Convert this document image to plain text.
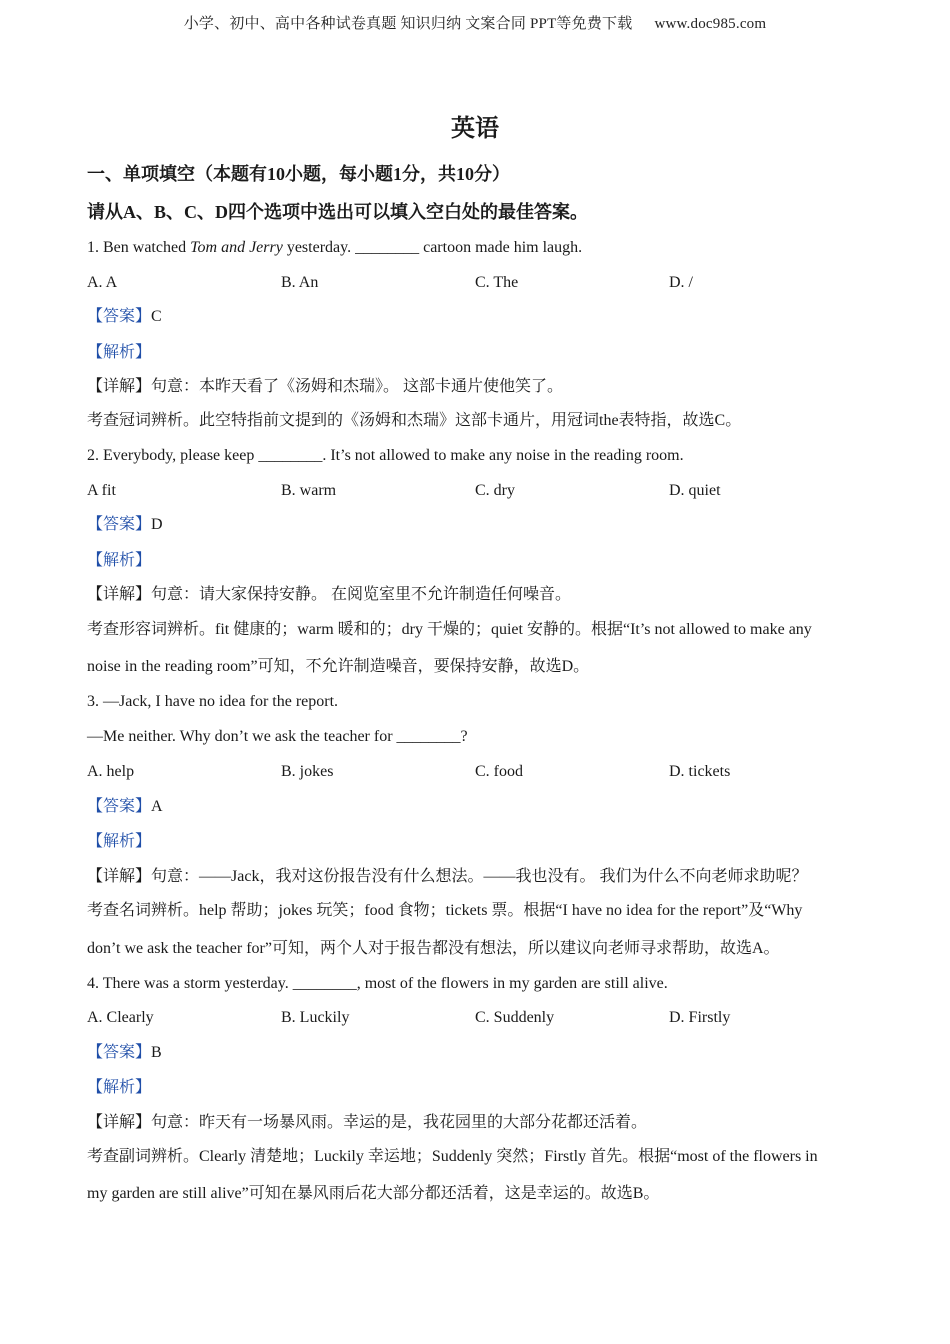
小学、初中、高中各种试卷真题 知识归纳 文案合同 PPT等免费下载 www.doc985.com
英语
一、单项填空（本题有10小题，每小题1分，共10分）
请从A、B、C、D四个选项中选出可以填入空白处的最佳答案。
1. Ben watched Tom and Jerry yesterday. ________ cartoon made him laugh.
A. A	B. An	C. The	D. /
【答案】C
【解析】
【详解】句意：本昨天看了《汤姆和杰瑞》。 这部卡通片使他笑了。
考查冠词辨析。此空特指前文提到的《汤姆和杰瑞》这部卡通片，用冠词the表特指，故选C。
2. Everybody, please keep ________. It’s not allowed to make any noise in the reading room.
A fit	B. warm	C. dry	D. quiet
【答案】D
【解析】
【详解】句意：请大家保持安静。 在阅览室里不允许制造任何噪音。
考查形容词辨析。fit 健康的；warm 暖和的；dry 干燥的；quiet 安静的。根据“It’s not allowed to make any
noise in the reading room”可知，不允许制造噪音，要保持安静，故选D。
3. —Jack, I have no idea for the report.
—Me neither. Why don’t we ask the teacher for ________?
A. help	B. jokes	C. food	D. tickets
【答案】A
【解析】
【详解】句意：——Jack，我对这份报告没有什么想法。——我也没有。 我们为什么不向老师求助呢？
考查名词辨析。help 帮助；jokes 玩笑；food 食物；tickets 票。根据“I have no idea for the report”及“Why
don’t we ask the teacher for”可知，两个人对于报告都没有想法，所以建议向老师寻求帮助，故选A。
4. There was a storm yesterday. ________, most of the flowers in my garden are still alive.
A. Clearly	B. Luckily	C. Suddenly	D. Firstly
【答案】B
【解析】
【详解】句意：昨天有一场暴风雨。幸运的是，我花园里的大部分花都还活着。
考查副词辨析。Clearly 清楚地；Luckily 幸运地；Suddenly 突然；Firstly 首先。根据“most of the flowers in
my garden are still alive”可知在暴风雨后花大部分都还活着，这是幸运的。故选B。
